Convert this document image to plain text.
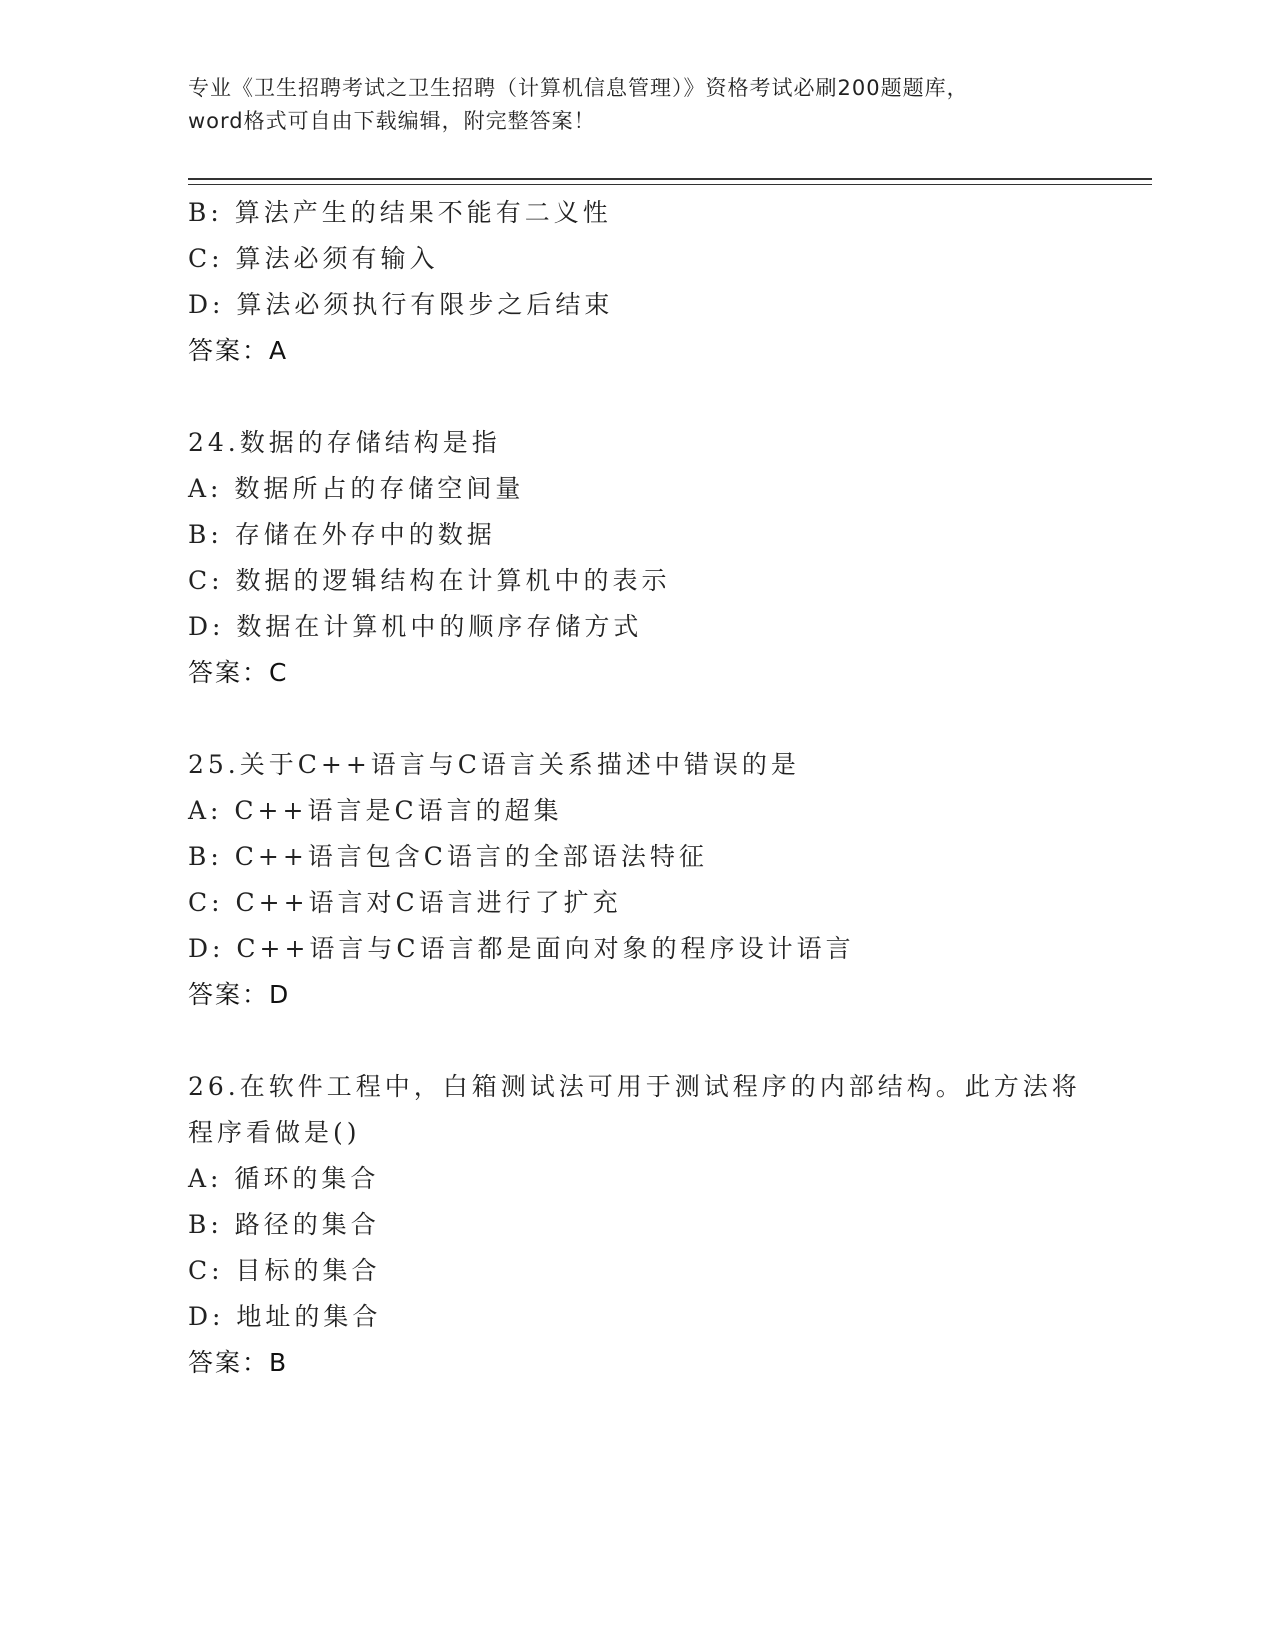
专业《卫生招聘考试之卫生招聘（计算机信息管理）》资格考试必刷200题题库，
word格式可自由下载编辑，附完整答案！
B: 算法产生的结果不能有二义性
C: 算法必须有输入
D: 算法必须执行有限步之后结束
答案：A
24.数据的存储结构是指
A: 数据所占的存储空间量
B: 存储在外存中的数据
C: 数据的逻辑结构在计算机中的表示
D: 数据在计算机中的顺序存储方式
答案：C
25.关于C++语言与C语言关系描述中错误的是
A: C++语言是C语言的超集
B: C++语言包含C语言的全部语法特征
C: C++语言对C语言进行了扩充
D: C++语言与C语言都是面向对象的程序设计语言
答案：D
26.在软件工程中，白箱测试法可用于测试程序的内部结构。此方法将
程序看做是()
A: 循环的集合
B: 路径的集合
C: 目标的集合
D: 地址的集合
答案：B
